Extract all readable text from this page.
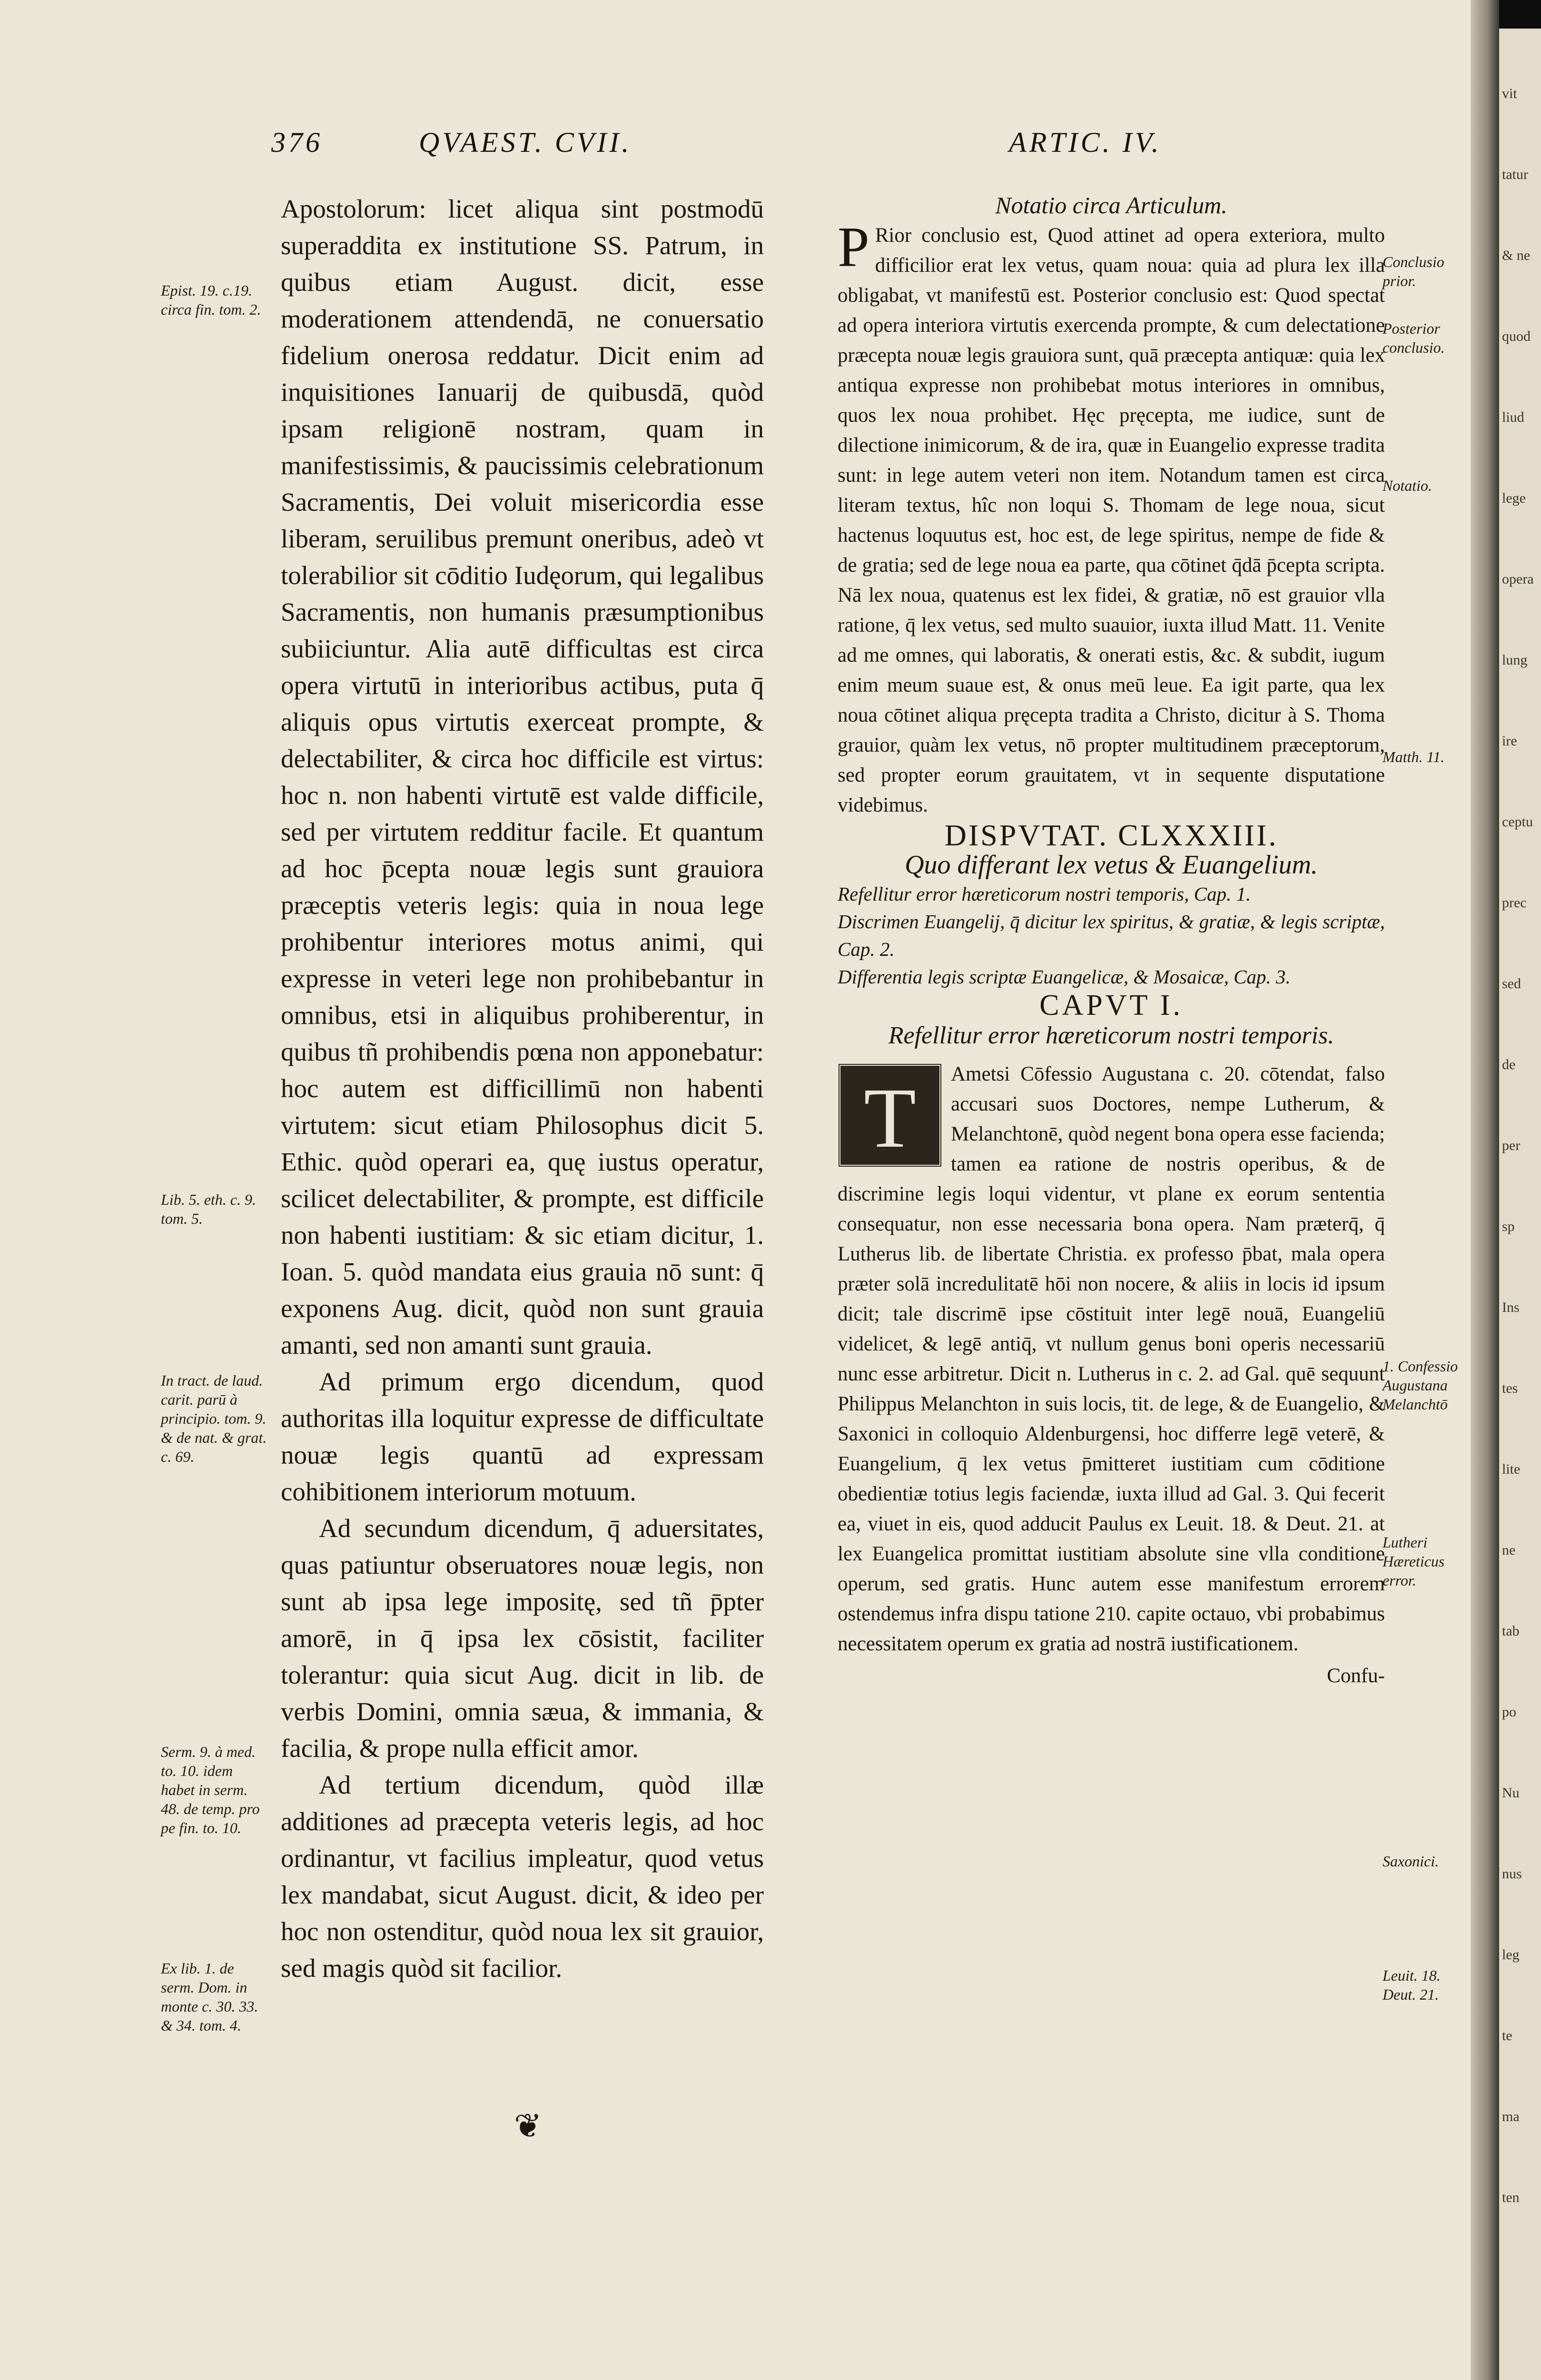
376	QVAEST. CVII.	ARTIC. IV.
Epist. 19. c.19. circa fin. tom. 2.
Lib. 5. eth. c. 9. tom. 5.
In tract. de laud. carit. parū à principio. tom. 9. & de nat. & grat. c. 69.
Serm. 9. à med. to. 10. idem habet in serm. 48. de temp. pro pe fin. to. 10.
Ex lib. 1. de serm. Dom. in monte c. 30. 33. & 34. tom. 4.

Apostolorum: licet aliqua sint postmodū superaddita ex institutione SS. Patrum, in quibus etiam August. dicit, esse moderationem attendendā, ne conuersatio fidelium onerosa reddatur. Dicit enim ad inquisitiones Ianuarij de quibusdā, quòd ipsam religionē nostram, quam in manifestissimis, & paucissimis celebrationum Sacramentis, Dei voluit misericordia esse liberam, seruilibus premunt oneribus, adeò vt tolerabilior sit cōditio Iudęorum, qui legalibus Sacramentis, non humanis præsumptionibus subiiciuntur. Alia autē difficultas est circa opera virtutū in interioribus actibus, puta q̄ aliquis opus virtutis exerceat prompte, & delectabiliter, & circa hoc difficile est virtus: hoc n. non habenti virtutē est valde difficile, sed per virtutem redditur facile. Et quantum ad hoc p̄cepta nouæ legis sunt grauiora præceptis veteris legis: quia in noua lege prohibentur interiores motus animi, qui expresse in veteri lege non prohibebantur in omnibus, etsi in aliquibus prohiberentur, in quibus tñ prohibendis pœna non apponebatur: hoc autem est difficillimū non habenti virtutem: sicut etiam Philosophus dicit 5. Ethic. quòd operari ea, quę iustus operatur, scilicet delectabiliter, & prompte, est difficile non habenti iustitiam: & sic etiam dicitur, 1. Ioan. 5. quòd mandata eius grauia nō sunt: q̄ exponens Aug. dicit, quòd non sunt grauia amanti, sed non amanti sunt grauia.

Ad primum ergo dicendum, quod authoritas illa loquitur expresse de difficultate nouæ legis quantū ad expressam cohibitionem interiorum motuum.

Ad secundum dicendum, q̄ aduersitates, quas patiuntur obseruatores nouæ legis, non sunt ab ipsa lege impositę, sed tñ p̄pter amorē, in q̄ ipsa lex cōsistit, faciliter tolerantur: quia sicut Aug. dicit in lib. de verbis Domini, omnia sæua, & immania, & facilia, & prope nulla efficit amor.

Ad tertium dicendum, quòd illæ additiones ad præcepta veteris legis, ad hoc ordinantur, vt facilius impleatur, quod vetus lex mandabat, sicut August. dicit, & ideo per hoc non ostenditur, quòd noua lex sit grauior, sed magis quòd sit facilior.

❦

Notatio circa Articulum.

P Rior conclusio est, Quod attinet ad opera exteriora, multo difficilior erat lex vetus, quam noua: quia ad plura lex illa obligabat, vt manifestū est. Posterior conclusio est: Quod spectat ad opera interiora virtutis exercenda prompte, & cum delectatione præcepta nouæ legis grauiora sunt, quā præcepta antiquæ: quia lex antiqua expresse non prohibebat motus interiores in omnibus, quos lex noua prohibet. Hęc pręcepta, me iudice, sunt de dilectione inimicorum, & de ira, quæ in Euangelio expresse tradita sunt: in lege autem veteri non item. Notandum tamen est circa literam textus, hîc non loqui S. Thomam de lege noua, sicut hactenus loquutus est, hoc est, de lege spiritus, nempe de fide & de gratia; sed de lege noua ea parte, qua cōtinet q̄dā p̄cepta scripta. Nā lex noua, quatenus est lex fidei, & gratiæ, nō est grauior vlla ratione, q̄ lex vetus, sed multo suauior, iuxta illud Matt. 11. Venite ad me omnes, qui laboratis, & onerati estis, &c. & subdit, iugum enim meum suaue est, & onus meū leue. Ea igit parte, qua lex noua cōtinet aliqua pręcepta tradita a Christo, dicitur à S. Thoma grauior, quàm lex vetus, nō propter multitudinem præceptorum, sed propter eorum grauitatem, vt in sequente disputatione videbimus.

DISPVTAT. CLXXXIII.

Quo differant lex vetus & Euangelium.

Refellitur error hæreticorum nostri temporis, Cap. 1.

Discrimen Euangelij, q̄ dicitur lex spiritus, & gratiæ, & legis scriptæ, Cap. 2.

Differentia legis scriptæ Euangelicæ, & Mosaicæ, Cap. 3.

CAPVT I.

Refellitur error hæreticorum nostri temporis.

T	Ametsi Cōfessio Augustana c. 20. cōtendat, falso accusari suos Doctores, nempe Lutherum, & Melanchtonē, quòd negent bona opera esse facienda; tamen ea ratione de nostris operibus, & de discrimine legis loqui videntur, vt plane ex eorum sententia consequatur, non esse necessaria bona opera. Nam præterq̄, q̄ Lutherus lib. de libertate Christia. ex professo p̄bat, mala opera præter solā incredulitatē hōi non nocere, & aliis in locis id ipsum dicit; tale discrimē ipse cōstituit inter legē nouā, Euangeliū videlicet, & legē antiq̄, vt nullum genus boni operis necessariū nunc esse arbitretur. Dicit n. Lutherus in c. 2. ad Gal. quē sequunt Philippus Melanchton in suis locis, tit. de lege, & de Euangelio, & Saxonici in colloquio Aldenburgensi, hoc differre legē veterē, & Euangelium, q̄ lex vetus p̄mitteret iustitiam cum cōditione obedientiæ totius legis faciendæ, iuxta illud ad Gal. 3. Qui fecerit ea, viuet in eis, quod adducit Paulus ex Leuit. 18. & Deut. 21. at lex Euangelica promittat iustitiam absolute sine vlla conditione operum, sed gratis. Hunc autem esse manifestum errorem ostendemus infra dispu tatione 210. capite octauo, vbi probabimus necessitatem operum ex gratia ad nostrā iustificationem.

Confu-

Conclusio prior.
Posterior conclusio.
Notatio.
Matth. 11.
1. Confessio Augustana Melanchtō
Lutheri Hæreticus error.
Saxonici.
Leuit. 18. Deut. 21.
vit
tatur
& ne
quod
liud
lege
opera
lung
ire
ceptu
prec
sed
de
per
sp
Ins
tes
lite
ne
tab
po
Nu
nus
leg
te
ma
ten
